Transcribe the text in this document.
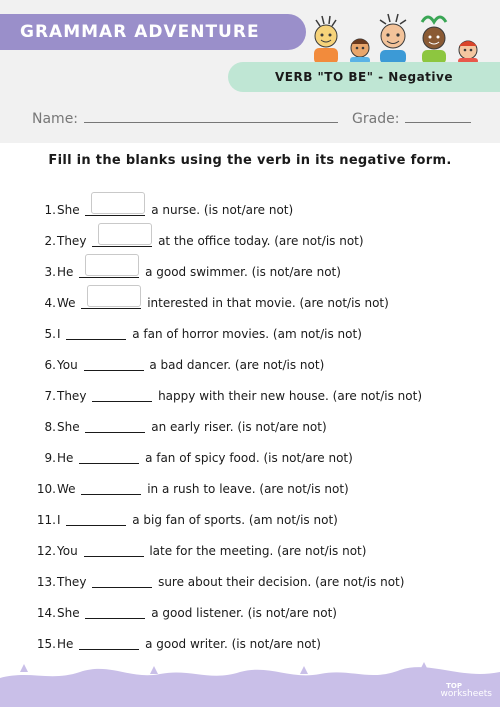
GRAMMAR ADVENTURE
VERB "TO BE" - Negative
Name:	Grade:
Fill in the blanks using the verb in its negative form.
1. She	a nurse. (is not/are not)
2. They	at the office today. (are not/is not)
3. He	a good swimmer. (is not/are not)
4. We	interested in that movie. (are not/is not)
5. I	a fan of horror movies. (am not/is not)
6. You	a bad dancer. (are not/is not)
7. They	happy with their new house. (are not/is not)
8. She	an early riser. (is not/are not)
9. He	a fan of spicy food. (is not/are not)
10. We	in a rush to leave. (are not/is not)
11. I	a big fan of sports. (am not/is not)
12. You	late for the meeting. (are not/is not)
13. They	sure about their decision. (are not/is not)
14. She	a good listener. (is not/are not)
15. He	a good writer. (is not/are not)
TOP
worksheets
